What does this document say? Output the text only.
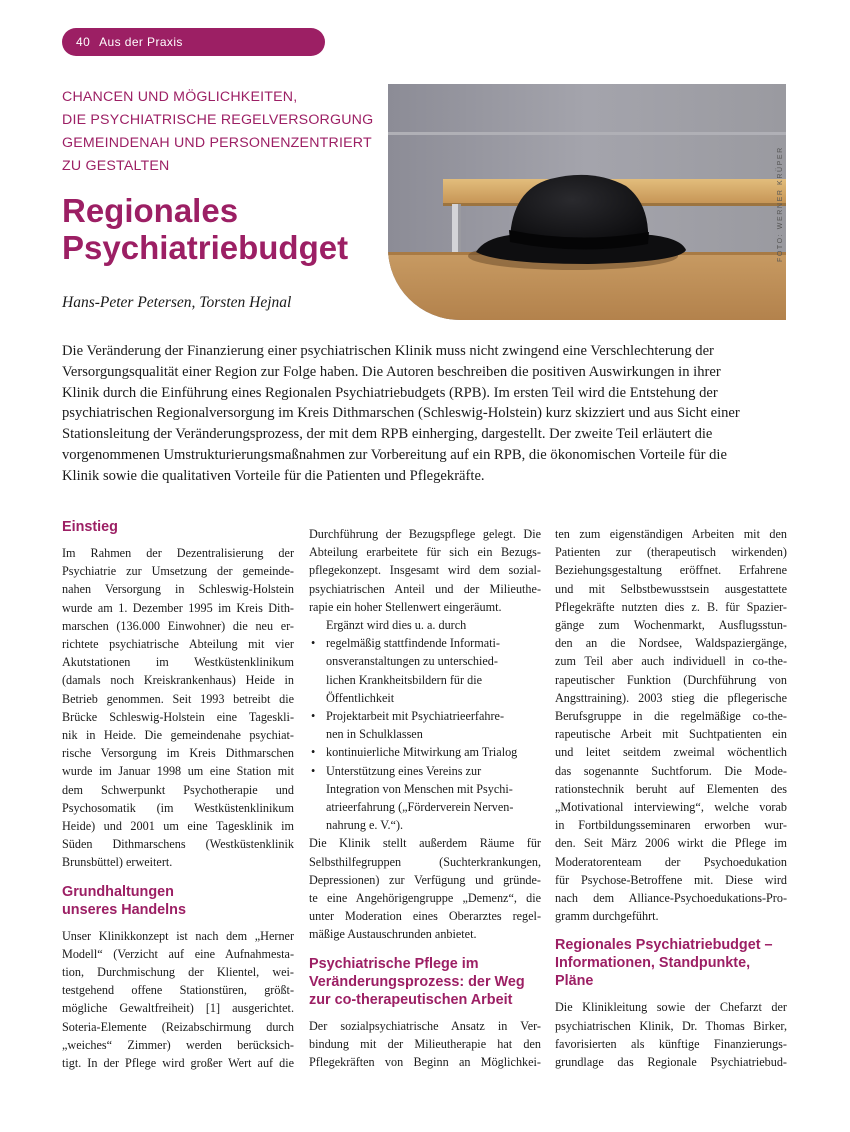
40 Aus der Praxis
CHANCEN UND MÖGLICHKEITEN,
DIE PSYCHIATRISCHE REGELVERSORGUNG
GEMEINDENAH UND PERSONENZENTRIERT
ZU GESTALTEN
Regionales
Psychiatriebudget
Hans-Peter Petersen, Torsten Hejnal
FOTO: WERNER KRÜPER
Die Veränderung der Finanzierung einer psychiatrischen Klinik muss nicht zwingend eine Verschlechterung der
Versorgungsqualität einer Region zur Folge haben. Die Autoren beschreiben die positiven Auswirkungen in ihrer
Klinik durch die Einführung eines Regionalen Psychiatriebudgets (RPB). Im ersten Teil wird die Entstehung der
psychiatrischen Regionalversorgung im Kreis Dithmarschen (Schleswig-Holstein) kurz skizziert und aus Sicht einer
Stationsleitung der Veränderungsprozess, der mit dem RPB einherging, dargestellt. Der zweite Teil erläutert die
vorgenommenen Umstrukturierungsmaßnahmen zur Vorbereitung auf ein RPB, die ökonomischen Vorteile für die
Klinik sowie die qualitativen Vorteile für die Patienten und Pflegekräfte.
Einstieg
Im Rahmen der Dezentralisierung der
Psychiatrie zur Umsetzung der gemeinde-
nahen Versorgung in Schleswig-Holstein
wurde am 1. Dezember 1995 im Kreis Dith-
marschen (136.000 Einwohner) die neu er-
richtete psychiatrische Abteilung mit vier
Akutstationen im Westküstenklinikum
(damals noch Kreiskrankenhaus) Heide in
Betrieb genommen. Seit 1993 betreibt die
Brücke Schleswig-Holstein eine Tageskli-
nik in Heide. Die gemeindenahe psychiat-
rische Versorgung im Kreis Dithmarschen
wurde im Januar 1998 um eine Station mit
dem Schwerpunkt Psychotherapie und
Psychosomatik (im Westküstenklinikum
Heide) und 2001 um eine Tagesklinik im
Süden Dithmarschens (Westküstenklinik
Brunsbüttel) erweitert.
Grundhaltungen
unseres Handelns
Unser Klinikkonzept ist nach dem „Herner
Modell“ (Verzicht auf eine Aufnahmesta-
tion, Durchmischung der Klientel, wei-
testgehend offene Stationstüren, größt-
mögliche Gewaltfreiheit) [1] ausgerichtet.
Soteria-Elemente (Reizabschirmung durch
„weiches“ Zimmer) werden berücksich-
tigt. In der Pflege wird großer Wert auf die
Durchführung der Bezugspflege gelegt. Die
Abteilung erarbeitete für sich ein Bezugs-
pflegekonzept. Insgesamt wird dem sozial-
psychiatrischen Anteil und der Milieuthe-
rapie ein hoher Stellenwert eingeräumt.
Ergänzt wird dies u. a. durch
• regelmäßig stattfindende Informati-
onsveranstaltungen zu unterschied-
lichen Krankheitsbildern für die
Öffentlichkeit
• Projektarbeit mit Psychiatrieerfahre-
nen in Schulklassen
• kontinuierliche Mitwirkung am Trialog
• Unterstützung eines Vereins zur
Integration von Menschen mit Psychi-
atrieerfahrung („Förderverein Nerven-
nahrung e. V.“).
Die Klinik stellt außerdem Räume für
Selbsthilfegruppen (Suchterkrankungen,
Depressionen) zur Verfügung und gründe-
te eine Angehörigengruppe „Demenz“, die
unter Moderation eines Oberarztes regel-
mäßige Austauschrunden anbietet.
Psychiatrische Pflege im
Veränderungsprozess: der Weg
zur co-therapeutischen Arbeit
Der sozialpsychiatrische Ansatz in Ver-
bindung mit der Milieutherapie hat den
Pflegekräften von Beginn an Möglichkei-
ten zum eigenständigen Arbeiten mit den
Patienten zur (therapeutisch wirkenden)
Beziehungsgestaltung eröffnet. Erfahrene
und mit Selbstbewusstsein ausgestattete
Pflegekräfte nutzten dies z. B. für Spazier-
gänge zum Wochenmarkt, Ausflugsstun-
den an die Nordsee, Waldspaziergänge,
zum Teil aber auch individuell in co-the-
rapeutischer Funktion (Durchführung von
Angsttraining). 2003 stieg die pflegerische
Berufsgruppe in die regelmäßige co-the-
rapeutische Arbeit mit Suchtpatienten ein
und leitet seitdem zweimal wöchentlich
das sogenannte Suchtforum. Die Mode-
rationstechnik beruht auf Elementen des
„Motivational interviewing“, welche vorab
in Fortbildungsseminaren erworben wur-
den. Seit März 2006 wirkt die Pflege im
Moderatorenteam der Psychoedukation
für Psychose-Betroffene mit. Diese wird
nach dem Alliance-Psychoedukations-Pro-
gramm durchgeführt.
Regionales Psychiatriebudget –
Informationen, Standpunkte,
Pläne
Die Klinikleitung sowie der Chefarzt der
psychiatrischen Klinik, Dr. Thomas Birker,
favorisierten als künftige Finanzierungs-
grundlage das Regionale Psychiatriebud-
